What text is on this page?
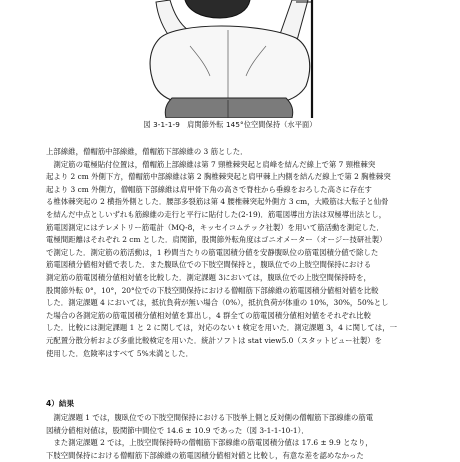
図 3-1-1-9　肩関節外転 145°位空間保持（水平面）
上部線維，僧帽筋中部線維，僧帽筋下部線維の 3 筋とした．
測定筋の電極貼付位置は，僧帽筋上部線維は第 7 頸椎棘突起と肩峰を結んだ線上で第 7 頸椎棘突
起より 2 cm 外側下方，僧帽筋中部線維は第 2 胸椎棘突起と肩甲棘上内側を結んだ線上で第 2 胸椎棘突
起より 3 cm 外側方，僧帽筋下部線維は肩甲骨下角の高さで脊柱から垂線をおろした高さに存在す
る椎体棘突起の 2 横指外側とした．腰部多裂筋は第 4 腰椎棘突起外側方 3 cm，大殿筋は大転子と仙骨
を結んだ中点としいずれも筋線維の走行と平行に貼付した(2-19)．筋電図導出方法は双極導出法とし，
筋電図測定にはテレメトリー筋電計（MQ-8，キッセイコムテック社製）を用いて筋活動を測定した．
電極間距離はそれぞれ 2 cm とした．肩関節，股関節外転角度はゴニオメーター（オージー技研社製）
で測定した．測定筋の筋活動は，1 秒間当たりの筋電図積分値を安静腹臥位の筋電図積分値で除した
筋電図積分値相対値で表した．また腹臥位での下肢空間保持と，腹臥位での上肢空間保持における
測定筋の筋電図積分値相対値を比較した．測定課題 3においては，腹臥位での上肢空間保持時を，
股関節外転 0°，10°，20°位での下肢空間保持における僧帽筋下部線維の筋電図積分値相対値を比較
した．測定課題 4 においては，抵抗負荷が無い場合（0%），抵抗負荷が体重の 10%，30%，50%とし
た場合の各測定筋の筋電図積分値相対値を算出し，4 群全ての筋電図積分値相対値をそれぞれ比較
した．比較には測定課題 1 と 2 に関しては，対応のない t 検定を用いた．測定課題 3，4 に関しては，一
元配置分散分析および多重比較検定を用いた．統計ソフトは stat view5.0（スタットビュー社製）を
使用した．危険率はすべて 5%未満とした．
4）結果
測定課題 1 では，腹臥位での下肢空間保持における下肢挙上側と反対側の僧帽筋下部線維の筋電
図積分値相対値は，股関節中間位で 14.6 ± 10.9 であった（図 3-1-1-10-1）．
また測定課題 2 では，上肢空間保持時の僧帽筋下部線維の筋電図積分値は 17.6 ± 9.9 となり，
下肢空間保持における僧帽筋下部線維の筋電図積分値相対値と比較し，有意な差を認めなかった
